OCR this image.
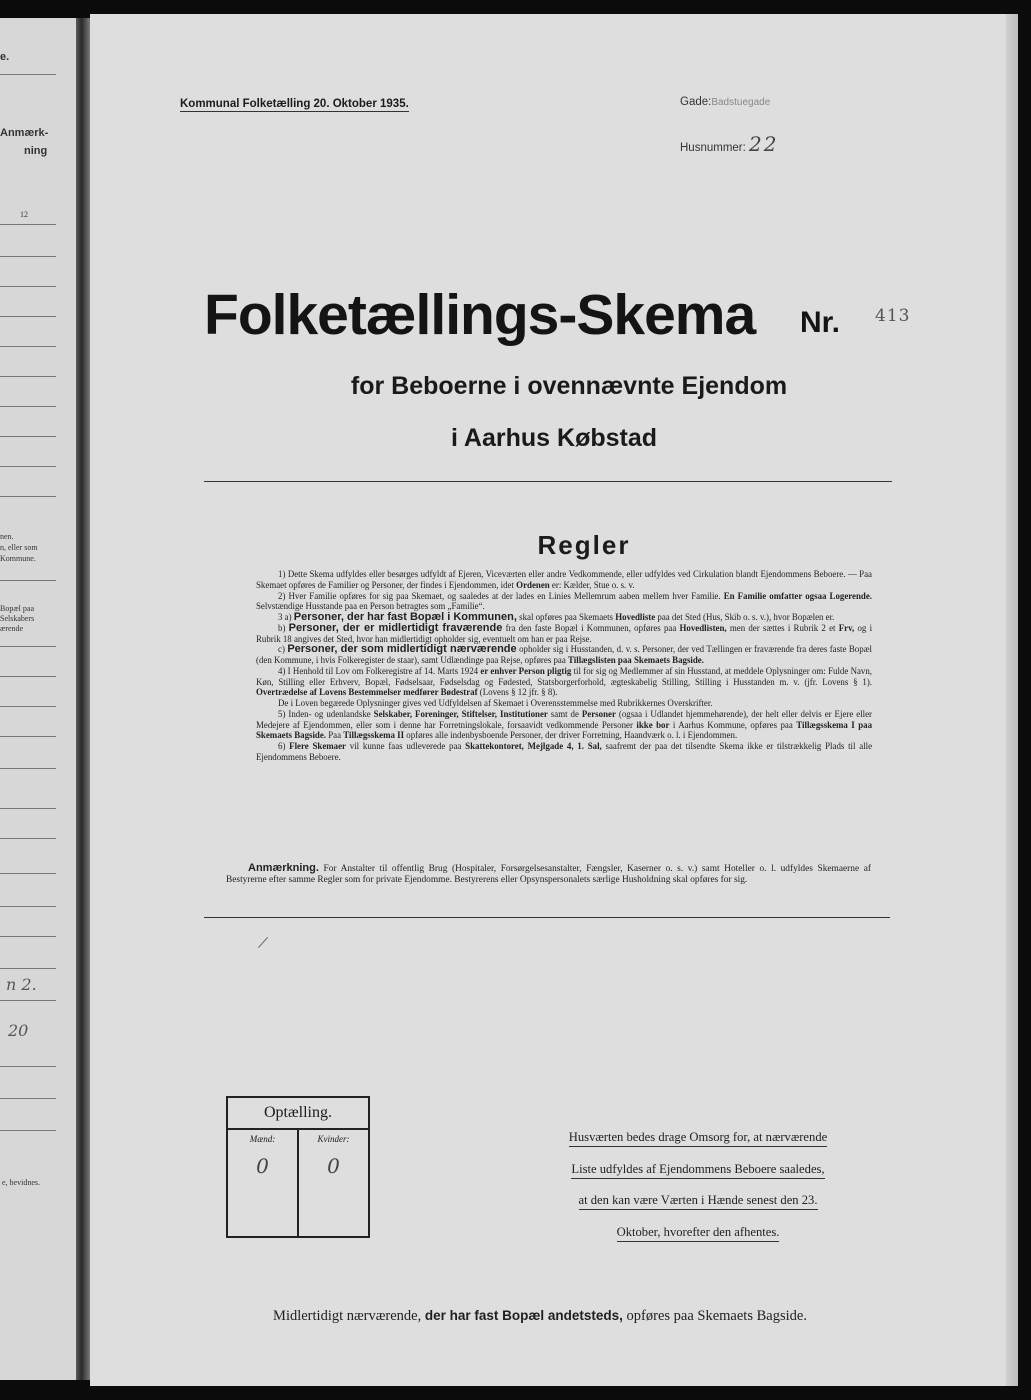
e.
Anmærk-
ning
12
nen.
n, eller som
Kommune.
Bopæl paa
Selskabers
ærende
n 2.
20
e, bevidnes.
Kommunal Folketælling 20. Oktober 1935.	Gade:Badstuegade
Husnummer: 22
Folketællings-Skema Nr. 413
for Beboerne i ovennævnte Ejendom
i Aarhus Købstad
Regler

1) Dette Skema udfyldes eller besørges udfyldt af Ejeren, Viceværten eller andre Vedkommende, eller udfyldes ved Cirkulation blandt Ejendommens Beboere. — Paa Skemaet opføres de Familier og Personer, der findes i Ejendommen, idet Ordenen er: Kælder, Stue o. s. v.

2) Hver Familie opføres for sig paa Skemaet, og saaledes at der lades en Linies Mellemrum aaben mellem hver Familie. En Familie omfatter ogsaa Logerende. Selvstændige Husstande paa en Person betragtes som „Familie“.

3 a) Personer, der har fast Bopæl i Kommunen, skal opføres paa Skemaets Hovedliste paa det Sted (Hus, Skib o. s. v.), hvor Bopælen er.

b) Personer, der er midlertidigt fraværende fra den faste Bopæl i Kommunen, opføres paa Hovedlisten, men der sættes i Rubrik 2 et Frv, og i Rubrik 18 angives det Sted, hvor han midlertidigt opholder sig, eventuelt om han er paa Rejse.

c) Personer, der som midlertidigt nærværende opholder sig i Husstanden, d. v. s. Personer, der ved Tællingen er fraværende fra deres faste Bopæl (den Kommune, i hvis Folkeregister de staar), samt Udlændinge paa Rejse, opføres paa Tillægslisten paa Skemaets Bagside.

4) I Henhold til Lov om Folkeregistre af 14. Marts 1924 er enhver Person pligtig til for sig og Medlemmer af sin Husstand, at meddele Oplysninger om: Fulde Navn, Køn, Stilling eller Erhverv, Bopæl, Fødselsaar, Fødselsdag og Fødested, Statsborgerforhold, ægteskabelig Stilling, Stilling i Husstanden m. v. (jfr. Lovens § 1). Overtrædelse af Lovens Bestemmelser medfører Bødestraf (Lovens § 12 jfr. § 8).

De i Loven begærede Oplysninger gives ved Udfyldelsen af Skemaet i Overensstemmelse med Rubrikkernes Overskrifter.

5) Inden- og udenlandske Selskaber, Foreninger, Stiftelser, Institutioner samt de Personer (ogsaa i Udlandet hjemmehørende), der helt eller delvis er Ejere eller Medejere af Ejendommen, eller som i denne har Forretningslokale, forsaavidt vedkommende Personer ikke bor i Aarhus Kommune, opføres paa Tillægsskema I paa Skemaets Bagside. Paa Tillægsskema II opføres alle indenbysboende Personer, der driver Forretning, Haandværk o. l. i Ejendommen.

6) Flere Skemaer vil kunne faas udleverede paa Skattekontoret, Mejlgade 4, 1. Sal, saafremt der paa det tilsendte Skema ikke er tilstrækkelig Plads til alle Ejendommens Beboere.

Anmærkning. For Anstalter til offentlig Brug (Hospitaler, Forsørgelsesanstalter, Fængsler, Kaserner o. s. v.) samt Hoteller o. l. udfyldes Skemaerne af Bestyrerne efter samme Regler som for private Ejendomme. Bestyrerens eller Opsynspersonalets særlige Husholdning skal opføres for sig.

Optælling.
Mænd:
0
Kvinder:
0
Husværten bedes drage Omsorg for, at nærværende
Liste udfyldes af Ejendommens Beboere saaledes,
at den kan være Værten i Hænde senest den 23.
Oktober, hvorefter den afhentes.
Midlertidigt nærværende, der har fast Bopæl andetsteds, opføres paa Skemaets Bagside.
